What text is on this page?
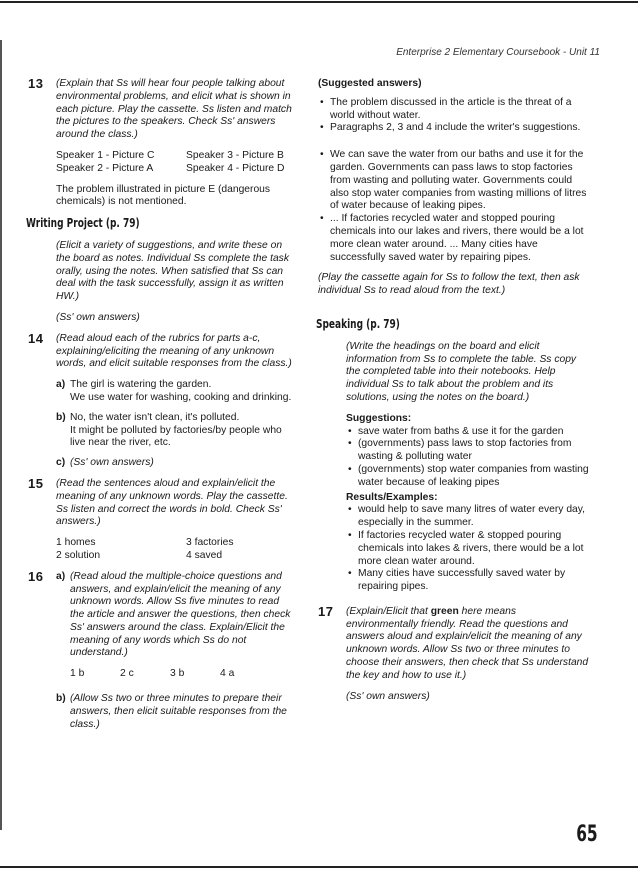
Enterprise 2 Elementary Coursebook - Unit 11
13 (Explain that Ss will hear four people talking about environmental problems, and elicit what is shown in each picture. Play the cassette. Ss listen and match the pictures to the speakers. Check Ss' answers around the class.)

Speaker 1 - Picture C	Speaker 3 - Picture B
Speaker 2 - Picture A	Speaker 4 - Picture D

The problem illustrated in picture E (dangerous chemicals) is not mentioned.

Writing Project (p. 79)

(Elicit a variety of suggestions, and write these on the board as notes. Individual Ss complete the task orally, using the notes. When satisfied that Ss can deal with the task successfully, assign it as written HW.)

(Ss' own answers)

14 (Read aloud each of the rubrics for parts a-c, explaining/eliciting the meaning of any unknown words, and elicit suitable responses from the class.)

a) The girl is watering the garden.
We use water for washing, cooking and drinking.
b) No, the water isn't clean, it's polluted.
It might be polluted by factories/by people who live near the river, etc.
c) (Ss' own answers)
15 (Read the sentences aloud and explain/elicit the meaning of any unknown words. Play the cassette. Ss listen and correct the words in bold. Check Ss' answers.)

1 homes	3 factories
2 solution	4 saved
16 a) (Read aloud the multiple-choice questions and answers, and explain/elicit the meaning of any unknown words. Allow Ss five minutes to read the article and answer the questions, then check Ss' answers around the class. Explain/Elicit the meaning of any words which Ss do not understand.)
1 b	2 c	3 b	4 a
b) (Allow Ss two or three minutes to prepare their answers, then elicit suitable responses from the class.)
(Suggested answers)
• The problem discussed in the article is the threat of a world without water.
• Paragraphs 2, 3 and 4 include the writer's suggestions.
• We can save the water from our baths and use it for the garden. Governments can pass laws to stop factories from wasting and polluting water. Governments could also stop water companies from wasting millions of litres of water because of leaking pipes.
• ... If factories recycled water and stopped pouring chemicals into our lakes and rivers, there would be a lot more clean water around. ... Many cities have successfully saved water by repairing pipes.

(Play the cassette again for Ss to follow the text, then ask individual Ss to read aloud from the text.)

Speaking (p. 79)

(Write the headings on the board and elicit information from Ss to complete the table. Ss copy the completed table into their notebooks. Help individual Ss to talk about the problem and its solutions, using the notes on the board.)

Suggestions:
• save water from baths & use it for the garden
• (governments) pass laws to stop factories from wasting & polluting water
• (governments) stop water companies from wasting water because of leaking pipes
Results/Examples:
• would help to save many litres of water every day, especially in the summer.
• If factories recycled water & stopped pouring chemicals into lakes & rivers, there would be a lot more clean water around.
• Many cities have successfully saved water by repairing pipes.
17 (Explain/Elicit that green here means environmentally friendly. Read the questions and answers aloud and explain/elicit the meaning of any unknown words. Allow Ss two or three minutes to choose their answers, then check that Ss understand the key and how to use it.)

(Ss' own answers)

65
